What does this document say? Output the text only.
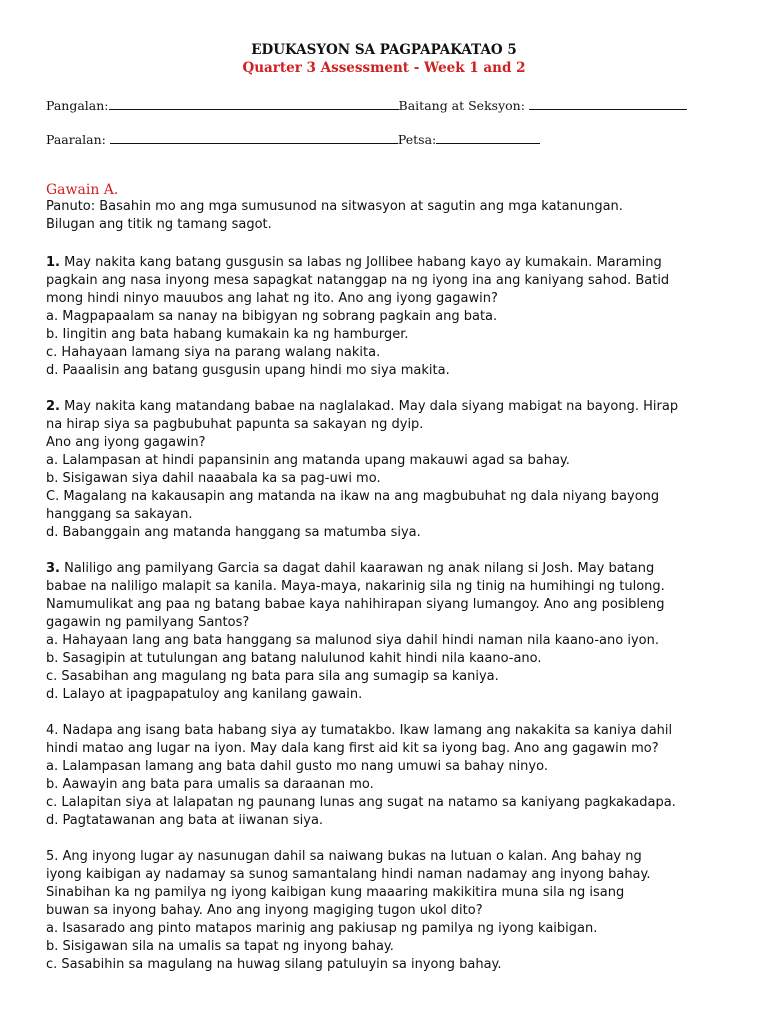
EDUKASYON SA PAGPAPAKATAO 5
Quarter 3 Assessment - Week 1 and 2
Pangalan:	Baitang at Seksyon:
Paaralan:	Petsa:
Gawain A.
Panuto: Basahin mo ang mga sumusunod na sitwasyon at sagutin ang mga katanungan.
Bilugan ang titik ng tamang sagot.
1. May nakita kang batang gusgusin sa labas ng Jollibee habang kayo ay kumakain. Maraming
pagkain ang nasa inyong mesa sapagkat natanggap na ng iyong ina ang kaniyang sahod. Batid
mong hindi ninyo mauubos ang lahat ng ito. Ano ang iyong gagawin?
a. Magpapaalam sa nanay na bibigyan ng sobrang pagkain ang bata.
b. Iingitin ang bata habang kumakain ka ng hamburger.
c. Hahayaan lamang siya na parang walang nakita.
d. Paaalisin ang batang gusgusin upang hindi mo siya makita.
2. May nakita kang matandang babae na naglalakad. May dala siyang mabigat na bayong. Hirap
na hirap siya sa pagbubuhat papunta sa sakayan ng dyip.
Ano ang iyong gagawin?
a. Lalampasan at hindi papansinin ang matanda upang makauwi agad sa bahay.
b. Sisigawan siya dahil naaabala ka sa pag-uwi mo.
C. Magalang na kakausapin ang matanda na ikaw na ang magbubuhat ng dala niyang bayong
hanggang sa sakayan.
d. Babanggain ang matanda hanggang sa matumba siya.
3. Naliligo ang pamilyang Garcia sa dagat dahil kaarawan ng anak nilang si Josh. May batang
babae na naliligo malapit sa kanila. Maya-maya, nakarinig sila ng tinig na humihingi ng tulong.
Namumulikat ang paa ng batang babae kaya nahihirapan siyang lumangoy. Ano ang posibleng
gagawin ng pamilyang Santos?
a. Hahayaan lang ang bata hanggang sa malunod siya dahil hindi naman nila kaano-ano iyon.
b. Sasagipin at tutulungan ang batang nalulunod kahit hindi nila kaano-ano.
c. Sasabihan ang magulang ng bata para sila ang sumagip sa kaniya.
d. Lalayo at ipagpapatuloy ang kanilang gawain.
4. Nadapa ang isang bata habang siya ay tumatakbo. Ikaw lamang ang nakakita sa kaniya dahil
hindi matao ang lugar na iyon. May dala kang first aid kit sa iyong bag. Ano ang gagawin mo?
a. Lalampasan lamang ang bata dahil gusto mo nang umuwi sa bahay ninyo.
b. Aawayin ang bata para umalis sa daraanan mo.
c. Lalapitan siya at lalapatan ng paunang lunas ang sugat na natamo sa kaniyang pagkakadapa.
d. Pagtatawanan ang bata at iiwanan siya.
5. Ang inyong lugar ay nasunugan dahil sa naiwang bukas na lutuan o kalan. Ang bahay ng
iyong kaibigan ay nadamay sa sunog samantalang hindi naman nadamay ang inyong bahay.
Sinabihan ka ng pamilya ng iyong kaibigan kung maaaring makikitira muna sila ng isang
buwan sa inyong bahay. Ano ang inyong magiging tugon ukol dito?
a. Isasarado ang pinto matapos marinig ang pakiusap ng pamilya ng iyong kaibigan.
b. Sisigawan sila na umalis sa tapat ng inyong bahay.
c. Sasabihin sa magulang na huwag silang patuluyin sa inyong bahay.
